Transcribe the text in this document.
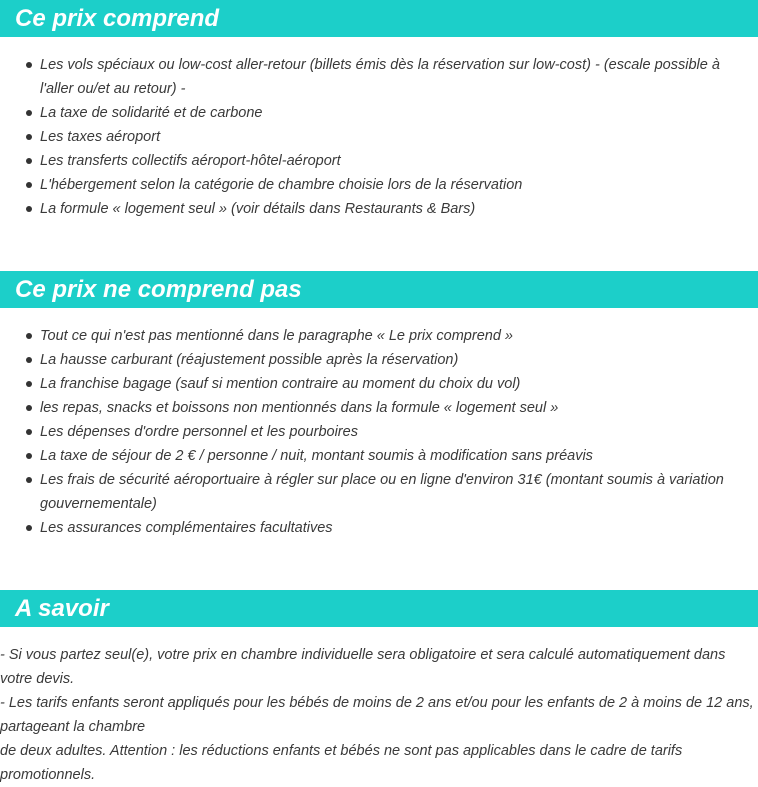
Ce prix comprend
Les vols spéciaux ou low-cost aller-retour (billets émis dès la réservation sur low-cost) - (escale possible à l'aller ou/et au retour) -
La taxe de solidarité et de carbone
Les taxes aéroport
Les transferts collectifs aéroport-hôtel-aéroport
L'hébergement selon la catégorie de chambre choisie lors de la réservation
La formule « logement seul » (voir détails dans Restaurants & Bars)
Ce prix ne comprend pas
Tout ce qui n'est pas mentionné dans le paragraphe « Le prix comprend »
La hausse carburant (réajustement possible après la réservation)
La franchise bagage (sauf si mention contraire au moment du choix du vol)
les repas, snacks et boissons non mentionnés dans la formule « logement seul »
Les dépenses d'ordre personnel et les pourboires
La taxe de séjour de 2 € / personne / nuit, montant soumis à modification sans préavis
Les frais de sécurité aéroportuaire à régler sur place ou en ligne d'environ 31€ (montant soumis à variation gouvernementale)
Les assurances complémentaires facultatives
A savoir

- Si vous partez seul(e), votre prix en chambre individuelle sera obligatoire et sera calculé automatiquement dans votre devis.

- Les tarifs enfants seront appliqués pour les bébés de moins de 2 ans et/ou pour les enfants de 2 à moins de 12 ans, partageant la chambre

de deux adultes. Attention : les réductions enfants et bébés ne sont pas applicables dans le cadre de tarifs promotionnels.
